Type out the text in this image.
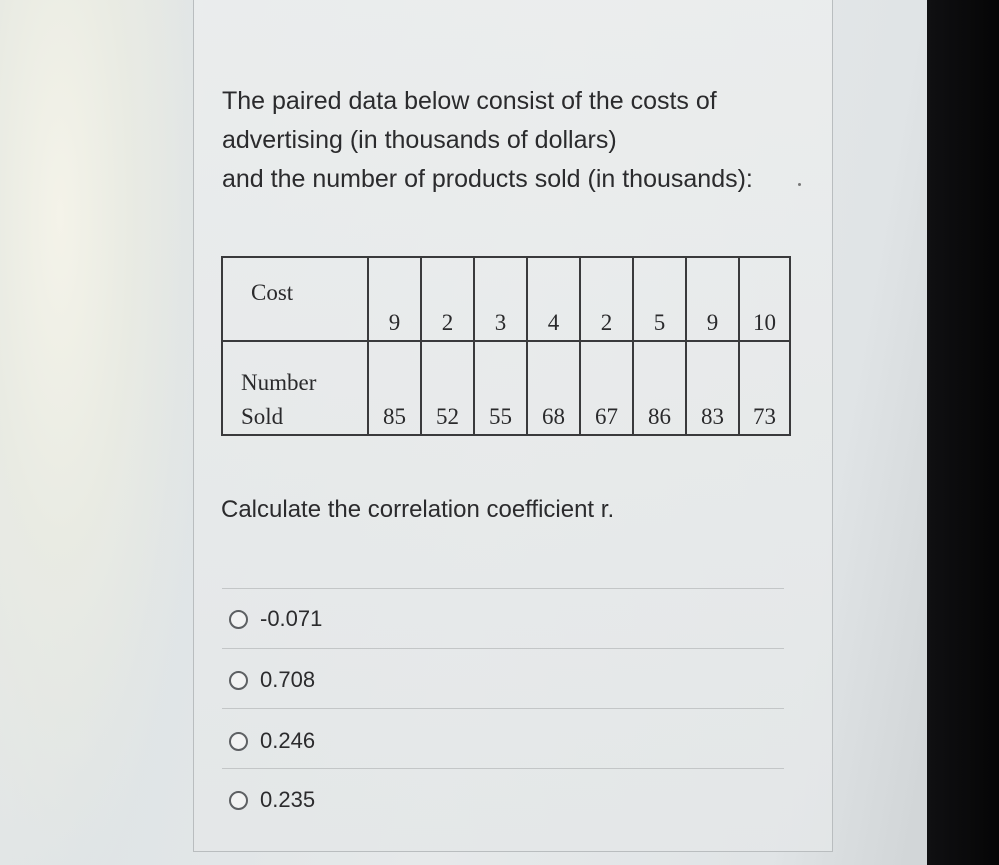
The paired data below consist of the costs of
advertising (in thousands of dollars)
and the number of products sold (in thousands):
Cost	9	2	3	4	2	5	9	10

Number
Sold	85	52	55	68	67	86	83	73
Calculate the correlation coefficient r.
-0.071
0.708
0.246
0.235
